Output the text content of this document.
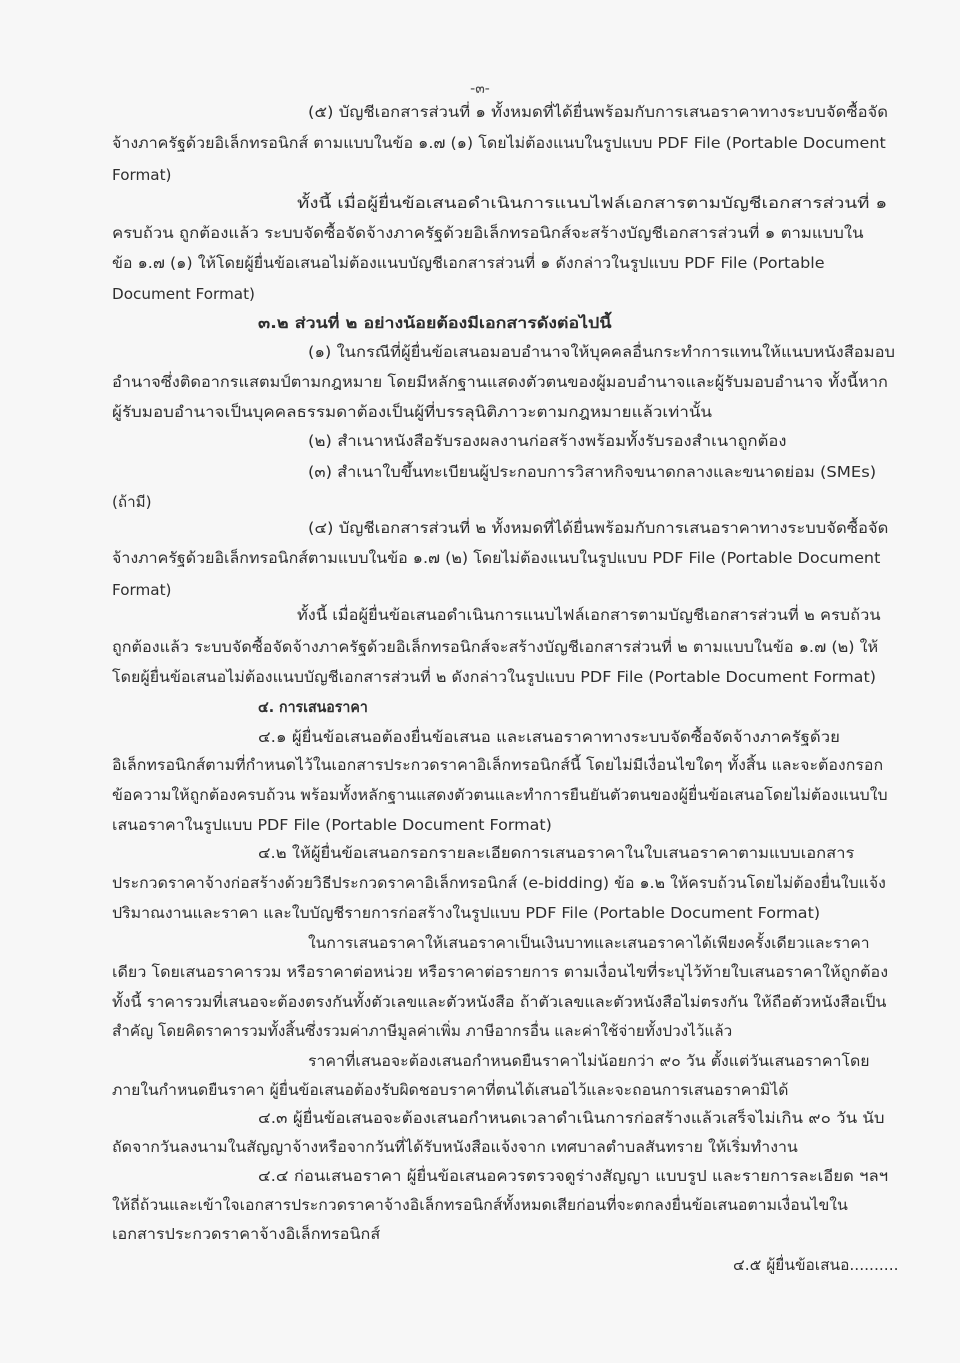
-๓-
(๕) บัญชีเอกสารส่วนที่ ๑ ทั้งหมดที่ได้ยื่นพร้อมกับการเสนอราคาทางระบบจัดซื้อจัด
จ้างภาครัฐด้วยอิเล็กทรอนิกส์ ตามแบบในข้อ ๑.๗ (๑) โดยไม่ต้องแนบในรูปแบบ PDF File (Portable Document
Format)
ทั้งนี้ เมื่อผู้ยื่นข้อเสนอดำเนินการแนบไฟล์เอกสารตามบัญชีเอกสารส่วนที่ ๑
ครบถ้วน ถูกต้องแล้ว ระบบจัดซื้อจัดจ้างภาครัฐด้วยอิเล็กทรอนิกส์จะสร้างบัญชีเอกสารส่วนที่ ๑ ตามแบบใน
ข้อ ๑.๗ (๑) ให้โดยผู้ยื่นข้อเสนอไม่ต้องแนบบัญชีเอกสารส่วนที่ ๑ ดังกล่าวในรูปแบบ PDF File (Portable
Document Format)
๓.๒ ส่วนที่ ๒ อย่างน้อยต้องมีเอกสารดังต่อไปนี้
(๑) ในกรณีที่ผู้ยื่นข้อเสนอมอบอำนาจให้บุคคลอื่นกระทำการแทนให้แนบหนังสือมอบ
อำนาจซึ่งติดอากรแสตมป์ตามกฎหมาย โดยมีหลักฐานแสดงตัวตนของผู้มอบอำนาจและผู้รับมอบอำนาจ ทั้งนี้หาก
ผู้รับมอบอำนาจเป็นบุคคลธรรมดาต้องเป็นผู้ที่บรรลุนิติภาวะตามกฎหมายแล้วเท่านั้น
(๒) สำเนาหนังสือรับรองผลงานก่อสร้างพร้อมทั้งรับรองสำเนาถูกต้อง
(๓) สำเนาใบขึ้นทะเบียนผู้ประกอบการวิสาหกิจขนาดกลางและขนาดย่อม (SMEs)
(ถ้ามี)
(๔) บัญชีเอกสารส่วนที่ ๒ ทั้งหมดที่ได้ยื่นพร้อมกับการเสนอราคาทางระบบจัดซื้อจัด
จ้างภาครัฐด้วยอิเล็กทรอนิกส์ตามแบบในข้อ ๑.๗ (๒) โดยไม่ต้องแนบในรูปแบบ PDF File (Portable Document
Format)
ทั้งนี้ เมื่อผู้ยื่นข้อเสนอดำเนินการแนบไฟล์เอกสารตามบัญชีเอกสารส่วนที่ ๒ ครบถ้วน
ถูกต้องแล้ว ระบบจัดซื้อจัดจ้างภาครัฐด้วยอิเล็กทรอนิกส์จะสร้างบัญชีเอกสารส่วนที่ ๒ ตามแบบในข้อ ๑.๗ (๒) ให้
โดยผู้ยื่นข้อเสนอไม่ต้องแนบบัญชีเอกสารส่วนที่ ๒ ดังกล่าวในรูปแบบ PDF File (Portable Document Format)
๔. การเสนอราคา
๔.๑ ผู้ยื่นข้อเสนอต้องยื่นข้อเสนอ และเสนอราคาทางระบบจัดซื้อจัดจ้างภาครัฐด้วย
อิเล็กทรอนิกส์ตามที่กำหนดไว้ในเอกสารประกวดราคาอิเล็กทรอนิกส์นี้ โดยไม่มีเงื่อนไขใดๆ ทั้งสิ้น และจะต้องกรอก
ข้อความให้ถูกต้องครบถ้วน พร้อมทั้งหลักฐานแสดงตัวตนและทำการยืนยันตัวตนของผู้ยื่นข้อเสนอโดยไม่ต้องแนบใบ
เสนอราคาในรูปแบบ PDF File (Portable Document Format)
๔.๒ ให้ผู้ยื่นข้อเสนอกรอกรายละเอียดการเสนอราคาในใบเสนอราคาตามแบบเอกสาร
ประกวดราคาจ้างก่อสร้างด้วยวิธีประกวดราคาอิเล็กทรอนิกส์ (e-bidding) ข้อ ๑.๒ ให้ครบถ้วนโดยไม่ต้องยื่นใบแจ้ง
ปริมาณงานและราคา และใบบัญชีรายการก่อสร้างในรูปแบบ PDF File (Portable Document Format)
ในการเสนอราคาให้เสนอราคาเป็นเงินบาทและเสนอราคาได้เพียงครั้งเดียวและราคา
เดียว โดยเสนอราคารวม หรือราคาต่อหน่วย หรือราคาต่อรายการ ตามเงื่อนไขที่ระบุไว้ท้ายใบเสนอราคาให้ถูกต้อง
ทั้งนี้ ราคารวมที่เสนอจะต้องตรงกันทั้งตัวเลขและตัวหนังสือ ถ้าตัวเลขและตัวหนังสือไม่ตรงกัน ให้ถือตัวหนังสือเป็น
สำคัญ โดยคิดราคารวมทั้งสิ้นซึ่งรวมค่าภาษีมูลค่าเพิ่ม ภาษีอากรอื่น และค่าใช้จ่ายทั้งปวงไว้แล้ว
ราคาที่เสนอจะต้องเสนอกำหนดยืนราคาไม่น้อยกว่า ๙๐ วัน ตั้งแต่วันเสนอราคาโดย
ภายในกำหนดยืนราคา ผู้ยื่นข้อเสนอต้องรับผิดชอบราคาที่ตนได้เสนอไว้และจะถอนการเสนอราคามิได้
๔.๓ ผู้ยื่นข้อเสนอจะต้องเสนอกำหนดเวลาดำเนินการก่อสร้างแล้วเสร็จไม่เกิน ๙๐ วัน นับ
ถัดจากวันลงนามในสัญญาจ้างหรือจากวันที่ได้รับหนังสือแจ้งจาก เทศบาลตำบลสันทราย ให้เริ่มทำงาน
๔.๔ ก่อนเสนอราคา ผู้ยื่นข้อเสนอควรตรวจดูร่างสัญญา แบบรูป และรายการละเอียด ฯลฯ
ให้ถี่ถ้วนและเข้าใจเอกสารประกวดราคาจ้างอิเล็กทรอนิกส์ทั้งหมดเสียก่อนที่จะตกลงยื่นข้อเสนอตามเงื่อนไขใน
เอกสารประกวดราคาจ้างอิเล็กทรอนิกส์
๔.๕ ผู้ยื่นข้อเสนอ..........
